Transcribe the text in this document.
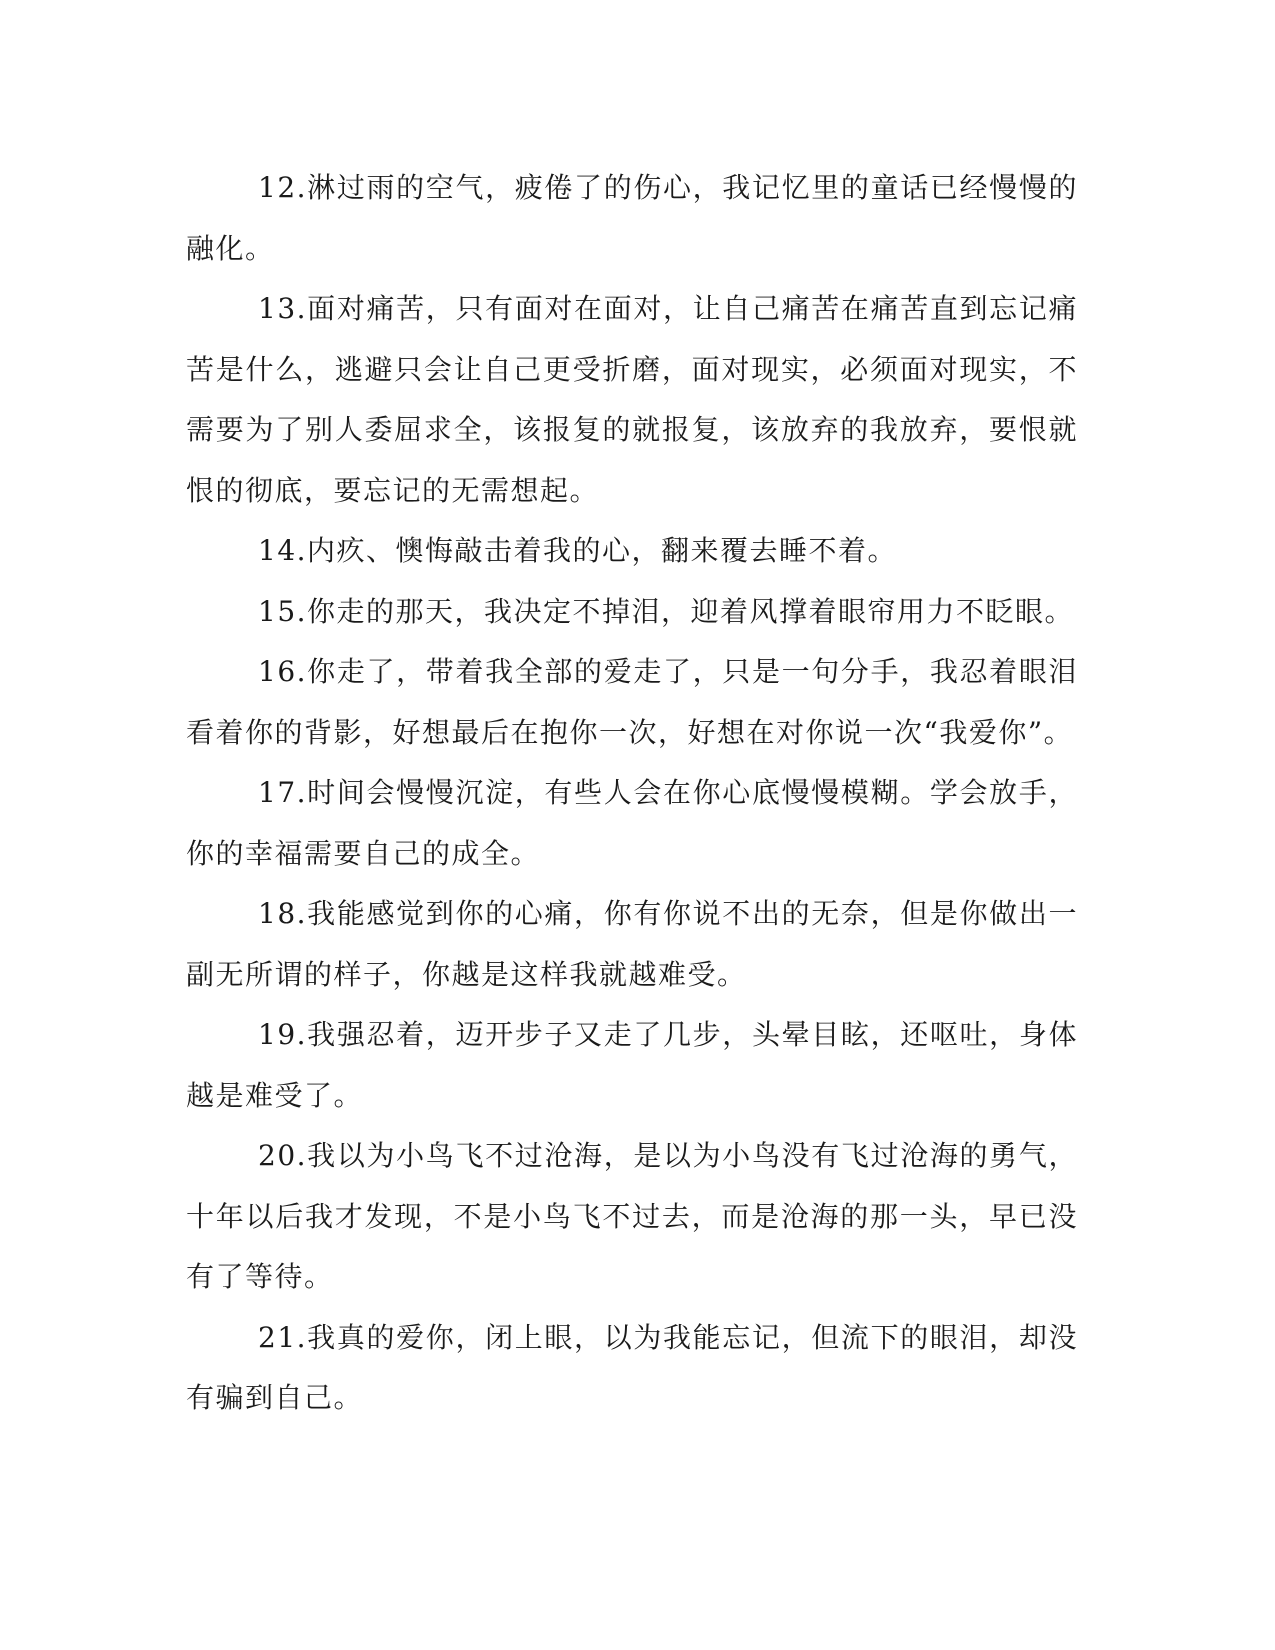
12.淋过雨的空气，疲倦了的伤心，我记忆里的童话已经慢慢的融化。

13.面对痛苦，只有面对在面对，让自己痛苦在痛苦直到忘记痛苦是什么，逃避只会让自己更受折磨，面对现实，必须面对现实，不需要为了别人委屈求全，该报复的就报复，该放弃的我放弃，要恨就恨的彻底，要忘记的无需想起。

14.内疚、懊悔敲击着我的心，翻来覆去睡不着。

15.你走的那天，我决定不掉泪，迎着风撑着眼帘用力不眨眼。

16.你走了，带着我全部的爱走了，只是一句分手，我忍着眼泪看着你的背影，好想最后在抱你一次，好想在对你说一次“我爱你”。

17.时间会慢慢沉淀，有些人会在你心底慢慢模糊。学会放手，你的幸福需要自己的成全。

18.我能感觉到你的心痛，你有你说不出的无奈，但是你做出一副无所谓的样子，你越是这样我就越难受。

19.我强忍着，迈开步子又走了几步，头晕目眩，还呕吐，身体越是难受了。

20.我以为小鸟飞不过沧海，是以为小鸟没有飞过沧海的勇气，十年以后我才发现，不是小鸟飞不过去，而是沧海的那一头，早已没有了等待。

21.我真的爱你，闭上眼，以为我能忘记，但流下的眼泪，却没有骗到自己。
